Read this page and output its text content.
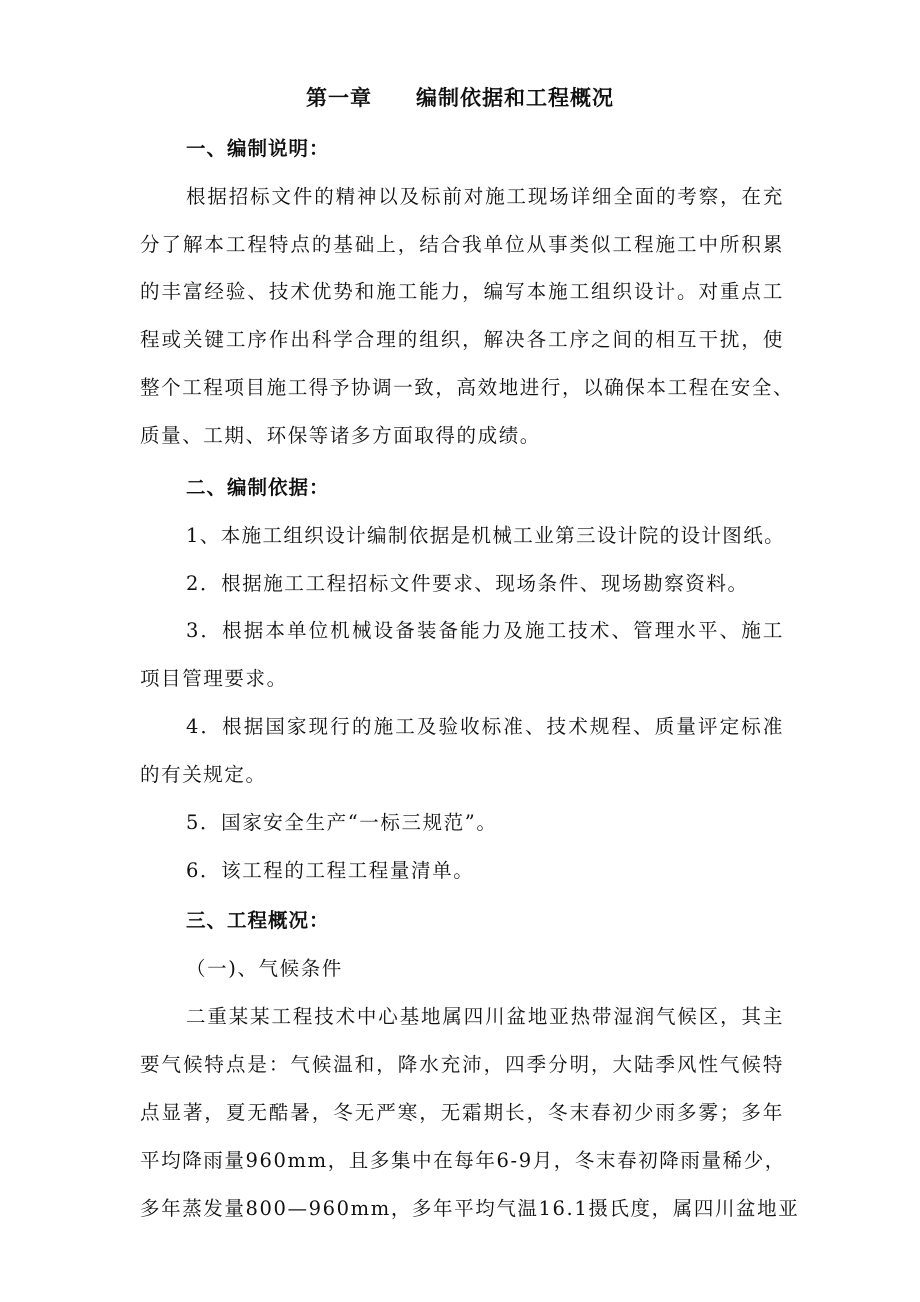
第一章 编制依据和工程概况
一、编制说明：
根据招标文件的精神以及标前对施工现场详细全面的考察，在充
分了解本工程特点的基础上，结合我单位从事类似工程施工中所积累
的丰富经验、技术优势和施工能力，编写本施工组织设计。对重点工
程或关键工序作出科学合理的组织，解决各工序之间的相互干扰，使
整个工程项目施工得予协调一致，高效地进行，以确保本工程在安全、
质量、工期、环保等诸多方面取得的成绩。
二、编制依据：
1、本施工组织设计编制依据是机械工业第三设计院的设计图纸。
2．根据施工工程招标文件要求、现场条件、现场勘察资料。
3．根据本单位机械设备装备能力及施工技术、管理水平、施工
项目管理要求。
4．根据国家现行的施工及验收标准、技术规程、质量评定标准
的有关规定。
5．国家安全生产“一标三规范”。
6．该工程的工程工程量清单。
三、工程概况：
（一)、气候条件
二重某某工程技术中心基地属四川盆地亚热带湿润气候区，其主
要气候特点是：气候温和，降水充沛，四季分明，大陆季风性气候特
点显著，夏无酷暑，冬无严寒，无霜期长，冬末春初少雨多雾；多年
平均降雨量960mm，且多集中在每年6-9月，冬末春初降雨量稀少，
多年蒸发量800—960mm，多年平均气温16.1摄氏度，属四川盆地亚
